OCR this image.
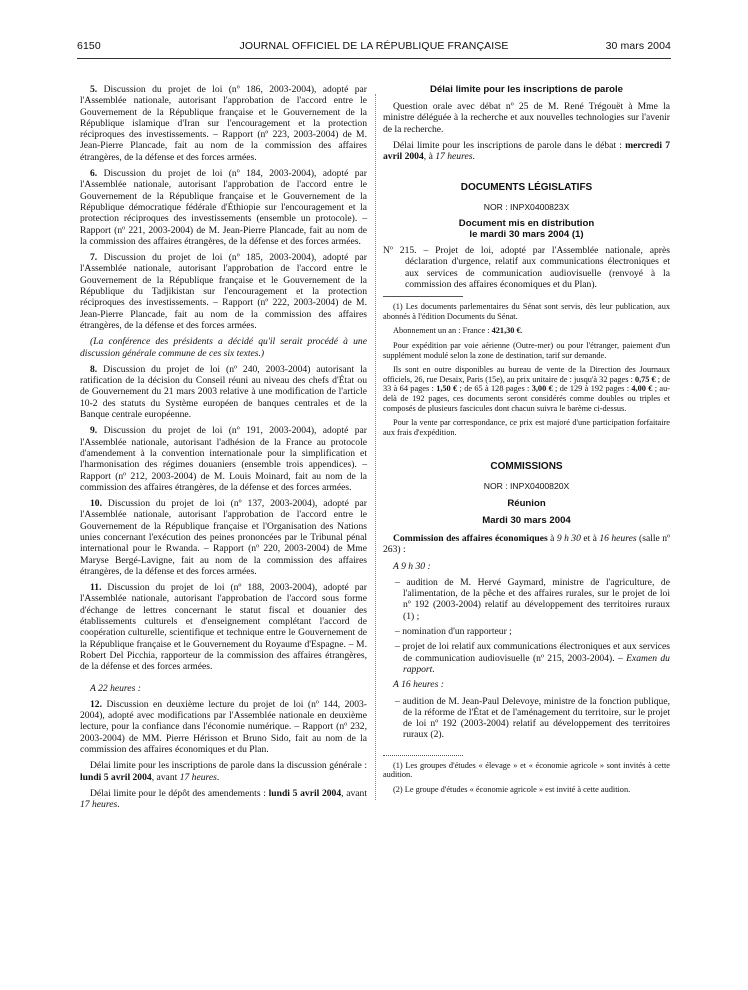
6150	JOURNAL OFFICIEL DE LA RÉPUBLIQUE FRANÇAISE	30 mars 2004

5. Discussion du projet de loi (nº 186, 2003-2004), adopté par l'Assemblée nationale, autorisant l'approbation de l'accord entre le Gouvernement de la République française et le Gouvernement de la République islamique d'Iran sur l'encouragement et la protection réciproques des investissements. – Rapport (nº 223, 2003-2004) de M. Jean-Pierre Plancade, fait au nom de la commission des affaires étrangères, de la défense et des forces armées.

6. Discussion du projet de loi (nº 184, 2003-2004), adopté par l'Assemblée nationale, autorisant l'approbation de l'accord entre le Gouvernement de la République française et le Gouvernement de la République démocratique fédérale d'Éthiopie sur l'encouragement et la protection réciproques des investissements (ensemble un protocole). – Rapport (nº 221, 2003-2004) de M. Jean-Pierre Plancade, fait au nom de la commission des affaires étrangères, de la défense et des forces armées.

7. Discussion du projet de loi (nº 185, 2003-2004), adopté par l'Assemblée nationale, autorisant l'approbation de l'accord entre le Gouvernement de la République française et le Gouvernement de la République du Tadjikistan sur l'encouragement et la protection réciproques des investissements. – Rapport (nº 222, 2003-2004) de M. Jean-Pierre Plancade, fait au nom de la commission des affaires étrangères, de la défense et des forces armées.

(La conférence des présidents a décidé qu'il serait procédé à une discussion générale commune de ces six textes.)

8. Discussion du projet de loi (nº 240, 2003-2004) autorisant la ratification de la décision du Conseil réuni au niveau des chefs d'État ou de Gouvernement du 21 mars 2003 relative à une modification de l'article 10-2 des statuts du Système européen de banques centrales et de la Banque centrale européenne.

9. Discussion du projet de loi (nº 191, 2003-2004), adopté par l'Assemblée nationale, autorisant l'adhésion de la France au protocole d'amendement à la convention internationale pour la simplification et l'harmonisation des régimes douaniers (ensemble trois appendices). – Rapport (nº 212, 2003-2004) de M. Louis Moinard, fait au nom de la commission des affaires étrangères, de la défense et des forces armées.

10. Discussion du projet de loi (nº 137, 2003-2004), adopté par l'Assemblée nationale, autorisant l'approbation de l'accord entre le Gouvernement de la République française et l'Organisation des Nations unies concernant l'exécution des peines prononcées par le Tribunal pénal international pour le Rwanda. – Rapport (nº 220, 2003-2004) de Mme Maryse Bergé-Lavigne, fait au nom de la commission des affaires étrangères, de la défense et des forces armées.

11. Discussion du projet de loi (nº 188, 2003-2004), adopté par l'Assemblée nationale, autorisant l'approbation de l'accord sous forme d'échange de lettres concernant le statut fiscal et douanier des établissements culturels et d'enseignement complétant l'accord de coopération culturelle, scientifique et technique entre le Gouvernement de la République française et le Gouvernement du Royaume d'Espagne. – M. Robert Del Picchia, rapporteur de la commission des affaires étrangères, de la défense et des forces armées.

A 22 heures :

12. Discussion en deuxième lecture du projet de loi (nº 144, 2003-2004), adopté avec modifications par l'Assemblée nationale en deuxième lecture, pour la confiance dans l'économie numérique. – Rapport (nº 232, 2003-2004) de MM. Pierre Hérisson et Bruno Sido, fait au nom de la commission des affaires économiques et du Plan.

Délai limite pour les inscriptions de parole dans la discussion générale : lundi 5 avril 2004, avant 17 heures.

Délai limite pour le dépôt des amendements : lundi 5 avril 2004, avant 17 heures.

Délai limite pour les inscriptions de parole

Question orale avec débat nº 25 de M. René Trégouët à Mme la ministre déléguée à la recherche et aux nouvelles technologies sur l'avenir de la recherche.

Délai limite pour les inscriptions de parole dans le débat : mercredi 7 avril 2004, à 17 heures.

DOCUMENTS LÉGISLATIFS

NOR : INPX0400823X

Document mis en distribution

le mardi 30 mars 2004 (1)

Nº 215. – Projet de loi, adopté par l'Assemblée nationale, après déclaration d'urgence, relatif aux communications électroniques et aux services de communication audiovisuelle (renvoyé à la commission des affaires économiques et du Plan).

(1) Les documents parlementaires du Sénat sont servis, dès leur publication, aux abonnés à l'édition Documents du Sénat.

Abonnement un an : France : 421,30 €.

Pour expédition par voie aérienne (Outre-mer) ou pour l'étranger, paiement d'un supplément modulé selon la zone de destination, tarif sur demande.

Ils sont en outre disponibles au bureau de vente de la Direction des Journaux officiels, 26, rue Desaix, Paris (15e), au prix unitaire de : jusqu'à 32 pages : 0,75 € ; de 33 à 64 pages : 1,50 € ; de 65 à 128 pages : 3,00 € ; de 129 à 192 pages : 4,00 € ; au-delà de 192 pages, ces documents seront considérés comme doubles ou triples et composés de plusieurs fascicules dont chacun suivra le barème ci-dessus.

Pour la vente par correspondance, ce prix est majoré d'une participation forfaitaire aux frais d'expédition.

COMMISSIONS

NOR : INPX0400820X

Réunion

Mardi 30 mars 2004

Commission des affaires économiques à 9 h 30 et à 16 heures (salle nº 263) :

A 9 h 30 :

– audition de M. Hervé Gaymard, ministre de l'agriculture, de l'alimentation, de la pêche et des affaires rurales, sur le projet de loi nº 192 (2003-2004) relatif au développement des territoires ruraux (1) ;

– nomination d'un rapporteur ;

– projet de loi relatif aux communications électroniques et aux services de communication audiovisuelle (nº 215, 2003-2004). – Examen du rapport.

A 16 heures :

– audition de M. Jean-Paul Delevoye, ministre de la fonction publique, de la réforme de l'État et de l'aménagement du territoire, sur le projet de loi nº 192 (2003-2004) relatif au développement des territoires ruraux (2).

(1) Les groupes d'études « élevage » et « économie agricole » sont invités à cette audition.

(2) Le groupe d'études « économie agricole » est invité à cette audition.
